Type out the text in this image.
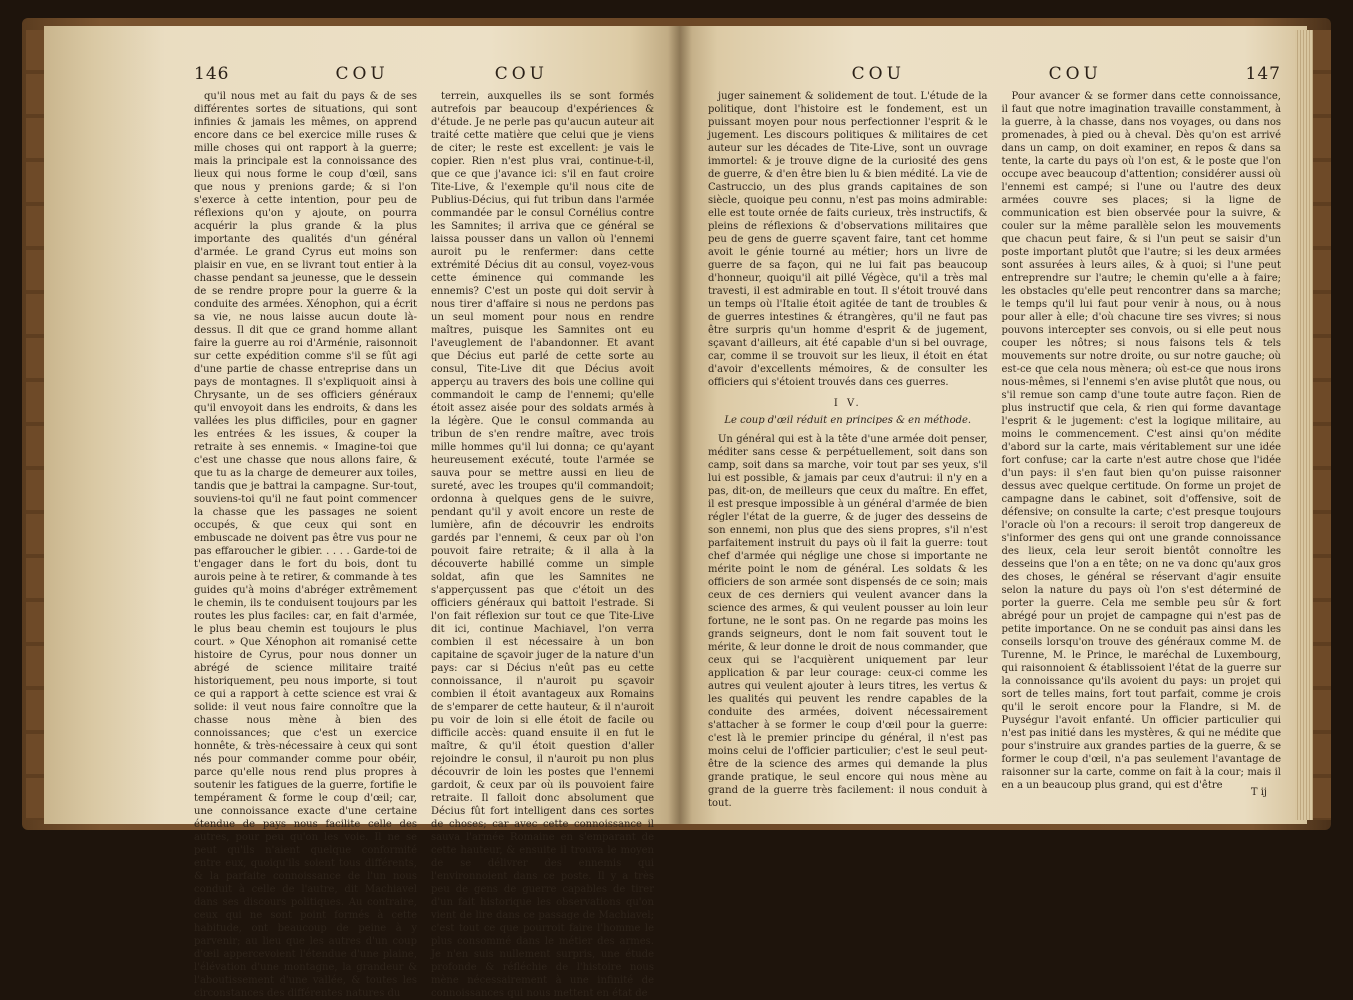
146	COU	COU

qu'il nous met au fait du pays & de ses différentes sortes de situations, qui sont infinies & jamais les mêmes, on apprend encore dans ce bel exercice mille ruses & mille choses qui ont rapport à la guerre; mais la principale est la connoissance des lieux qui nous forme le coup d'œil, sans que nous y prenions garde; & si l'on s'exerce à cette intention, pour peu de réflexions qu'on y ajoute, on pourra acquérir la plus grande & la plus importante des qualités d'un général d'armée. Le grand Cyrus eut moins son plaisir en vue, en se livrant tout entier à la chasse pendant sa jeunesse, que le dessein de se rendre propre pour la guerre & la conduite des armées. Xénophon, qui a écrit sa vie, ne nous laisse aucun doute là-dessus. Il dit que ce grand homme allant faire la guerre au roi d'Arménie, raisonnoit sur cette expédition comme s'il se fût agi d'une partie de chasse entreprise dans un pays de montagnes. Il s'expliquoit ainsi à Chrysante, un de ses officiers généraux qu'il envoyoit dans les endroits, & dans les vallées les plus difficiles, pour en gagner les entrées & les issues, & couper la retraite à ses ennemis. « Imagine-toi que c'est une chasse que nous allons faire, & que tu as la charge de demeurer aux toiles, tandis que je battrai la campagne. Sur-tout, souviens-toi qu'il ne faut point commencer la chasse que les passages ne soient occupés, & que ceux qui sont en embuscade ne doivent pas être vus pour ne pas effaroucher le gibier. . . . . Garde-toi de t'engager dans le fort du bois, dont tu aurois peine à te retirer, & commande à tes guides qu'à moins d'abréger extrêmement le chemin, ils te conduisent toujours par les routes les plus faciles: car, en fait d'armée, le plus beau chemin est toujours le plus court. » Que Xénophon ait romanisé cette histoire de Cyrus, pour nous donner un abrégé de science militaire traité historiquement, peu nous importe, si tout ce qui a rapport à cette science est vrai & solide: il veut nous faire connoître que la chasse nous mène à bien des connoissances; que c'est un exercice honnête, & très-nécessaire à ceux qui sont nés pour commander comme pour obéir, parce qu'elle nous rend plus propres à soutenir les fatigues de la guerre, fortifie le tempérament & forme le coup d'œil; car, une connoissance exacte d'une certaine étendue de pays nous facilite celle des autres, pour peu qu'on les voie. Il ne se peut qu'ils n'aient quelque conformité entre eux, quoiqu'ils soient tous différents, & la parfaite connoissance de l'un nous conduit à celle de l'autre, dit Machiavel dans ses discours politiques. Au contraire, ceux qui ne sont point formés à cette habitude, ont beaucoup de peine à y parvenir; au lieu que les autres d'un coup d'œil appercevoient l'étendue d'une plaine, l'élévation d'une montagne, la grandeur & l'aboutissement d'une vallée, & toutes les circonstances des différentes natures du

terrein, auxquelles ils se sont formés autrefois par beaucoup d'expériences & d'étude. Je ne perle pas qu'aucun auteur ait traité cette matière que celui que je viens de citer; le reste est excellent: je vais le copier. Rien n'est plus vrai, continue-t-il, que ce que j'avance ici: s'il en faut croire Tite-Live, & l'exemple qu'il nous cite de Publius-Décius, qui fut tribun dans l'armée commandée par le consul Cornélius contre les Samnites; il arriva que ce général se laissa pousser dans un vallon où l'ennemi auroit pu le renfermer: dans cette extrémité Décius dit au consul, voyez-vous cette éminence qui commande les ennemis? C'est un poste qui doit servir à nous tirer d'affaire si nous ne perdons pas un seul moment pour nous en rendre maîtres, puisque les Samnites ont eu l'aveuglement de l'abandonner. Et avant que Décius eut parlé de cette sorte au consul, Tite-Live dit que Décius avoit apperçu au travers des bois une colline qui commandoit le camp de l'ennemi; qu'elle étoit assez aisée pour des soldats armés à la légère. Que le consul commanda au tribun de s'en rendre maître, avec trois mille hommes qu'il lui donna; ce qu'ayant heureusement exécuté, toute l'armée se sauva pour se mettre aussi en lieu de sureté, avec les troupes qu'il commandoit; ordonna à quelques gens de le suivre, pendant qu'il y avoit encore un reste de lumière, afin de découvrir les endroits gardés par l'ennemi, & ceux par où l'on pouvoit faire retraite; & il alla à la découverte habillé comme un simple soldat, afin que les Samnites ne s'apperçussent pas que c'étoit un des officiers généraux qui battoit l'estrade. Si l'on fait réflexion sur tout ce que Tite-Live dit ici, continue Machiavel, l'on verra combien il est nécessaire à un bon capitaine de sçavoir juger de la nature d'un pays: car si Décius n'eût pas eu cette connoissance, il n'auroit pu sçavoir combien il étoit avantageux aux Romains de s'emparer de cette hauteur, & il n'auroit pu voir de loin si elle étoit de facile ou difficile accès: quand ensuite il en fut le maître, & qu'il étoit question d'aller rejoindre le consul, il n'auroit pu non plus découvrir de loin les postes que l'ennemi gardoit, & ceux par où ils pouvoient faire retraite. Il falloit donc absolument que Décius fût fort intelligent dans ces sortes de choses; car avec cette connoissance il sauva l'armée Romaine en s'emparant de cette hauteur, & ensuite il trouva le moyen de se délivrer des ennemis qui l'environnoient dans ce poste. Il y a très peu de gens de guerre capables de tirer d'un fait historique les observations qu'on vient de lire dans ce passage de Machiavel; c'est tout ce que pourroit faire l'homme le plus consommé dans le métier des armes. Je n'en suis nullement surpris, une étude profonde & réfléchie de l'histoire nous mène nécessairement à une infinité de connoissances qui nous mettent en état de

COU	COU	147

juger sainement & solidement de tout. L'étude de la politique, dont l'histoire est le fondement, est un puissant moyen pour nous perfectionner l'esprit & le jugement. Les discours politiques & militaires de cet auteur sur les décades de Tite-Live, sont un ouvrage immortel: & je trouve digne de la curiosité des gens de guerre, & d'en être bien lu & bien médité. La vie de Castruccio, un des plus grands capitaines de son siècle, quoique peu connu, n'est pas moins admirable: elle est toute ornée de faits curieux, très instructifs, & pleins de réflexions & d'observations militaires que peu de gens de guerre sçavent faire, tant cet homme avoit le génie tourné au métier; hors un livre de guerre de sa façon, qui ne lui fait pas beaucoup d'honneur, quoiqu'il ait pillé Végèce, qu'il a très mal travesti, il est admirable en tout. Il s'étoit trouvé dans un temps où l'Italie étoit agitée de tant de troubles & de guerres intestines & étrangères, qu'il ne faut pas être surpris qu'un homme d'esprit & de jugement, sçavant d'ailleurs, ait été capable d'un si bel ouvrage, car, comme il se trouvoit sur les lieux, il étoit en état d'avoir d'excellents mémoires, & de consulter les officiers qui s'étoient trouvés dans ces guerres.

I V.
Le coup d'œil réduit en principes & en méthode.

Un général qui est à la tête d'une armée doit penser, méditer sans cesse & perpétuellement, soit dans son camp, soit dans sa marche, voir tout par ses yeux, s'il lui est possible, & jamais par ceux d'autrui: il n'y en a pas, dit-on, de meilleurs que ceux du maître. En effet, il est presque impossible à un général d'armée de bien régler l'état de la guerre, & de juger des desseins de son ennemi, non plus que des siens propres, s'il n'est parfaitement instruit du pays où il fait la guerre: tout chef d'armée qui néglige une chose si importante ne mérite point le nom de général. Les soldats & les officiers de son armée sont dispensés de ce soin; mais ceux de ces derniers qui veulent avancer dans la science des armes, & qui veulent pousser au loin leur fortune, ne le sont pas. On ne regarde pas moins les grands seigneurs, dont le nom fait souvent tout le mérite, & leur donne le droit de nous commander, que ceux qui se l'acquièrent uniquement par leur application & par leur courage: ceux-ci comme les autres qui veulent ajouter à leurs titres, les vertus & les qualités qui peuvent les rendre capables de la conduite des armées, doivent nécessairement s'attacher à se former le coup d'œil pour la guerre: c'est là le premier principe du général, il n'est pas moins celui de l'officier particulier; c'est le seul peut-être de la science des armes qui demande la plus grande pratique, le seul encore qui nous mène au grand de la guerre très facilement: il nous conduit à tout.

Pour avancer & se former dans cette connoissance, il faut que notre imagination travaille constamment, à la guerre, à la chasse, dans nos voyages, ou dans nos promenades, à pied ou à cheval. Dès qu'on est arrivé dans un camp, on doit examiner, en repos & dans sa tente, la carte du pays où l'on est, & le poste que l'on occupe avec beaucoup d'attention; considérer aussi où l'ennemi est campé; si l'une ou l'autre des deux armées couvre ses places; si la ligne de communication est bien observée pour la suivre, & couler sur la même parallèle selon les mouvements que chacun peut faire, & si l'un peut se saisir d'un poste important plutôt que l'autre; si les deux armées sont assurées à leurs ailes, & à quoi; si l'une peut entreprendre sur l'autre; le chemin qu'elle a à faire; les obstacles qu'elle peut rencontrer dans sa marche; le temps qu'il lui faut pour venir à nous, ou à nous pour aller à elle; d'où chacune tire ses vivres; si nous pouvons intercepter ses convois, ou si elle peut nous couper les nôtres; si nous faisons tels & tels mouvements sur notre droite, ou sur notre gauche; où est-ce que cela nous mènera; où est-ce que nous irons nous-mêmes, si l'ennemi s'en avise plutôt que nous, ou s'il remue son camp d'une toute autre façon. Rien de plus instructif que cela, & rien qui forme davantage l'esprit & le jugement: c'est la logique militaire, au moins le commencement. C'est ainsi qu'on médite d'abord sur la carte, mais véritablement sur une idée fort confuse; car la carte n'est autre chose que l'idée d'un pays: il s'en faut bien qu'on puisse raisonner dessus avec quelque certitude. On forme un projet de campagne dans le cabinet, soit d'offensive, soit de défensive; on consulte la carte; c'est presque toujours l'oracle où l'on a recours: il seroit trop dangereux de s'informer des gens qui ont une grande connoissance des lieux, cela leur seroit bientôt connoître les desseins que l'on a en tête; on ne va donc qu'aux gros des choses, le général se réservant d'agir ensuite selon la nature du pays où l'on s'est déterminé de porter la guerre. Cela me semble peu sûr & fort abrégé pour un projet de campagne qui n'est pas de petite importance. On ne se conduit pas ainsi dans les conseils lorsqu'on trouve des généraux comme M. de Turenne, M. le Prince, le maréchal de Luxembourg, qui raisonnoient & établissoient l'état de la guerre sur la connoissance qu'ils avoient du pays: un projet qui sort de telles mains, fort tout parfait, comme je crois qu'il le seroit encore pour la Flandre, si M. de Puységur l'avoit enfanté. Un officier particulier qui n'est pas initié dans les mystères, & qui ne médite que pour s'instruire aux grandes parties de la guerre, & se former le coup d'œil, n'a pas seulement l'avantage de raisonner sur la carte, comme on fait à la cour; mais il en a un beaucoup plus grand, qui est d'être

T ij
